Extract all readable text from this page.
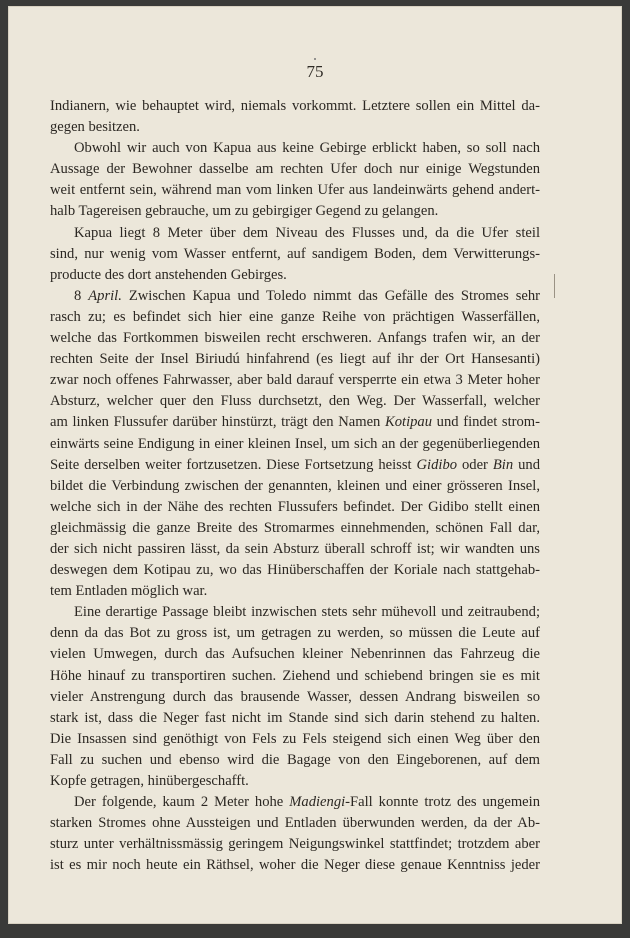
75
Indianern, wie behauptet wird, niemals vorkommt. Letztere sollen ein Mittel da-
gegen besitzen.
Obwohl wir auch von Kapua aus keine Gebirge erblickt haben, so soll nach
Aussage der Bewohner dasselbe am rechten Ufer doch nur einige Wegstunden
weit entfernt sein, während man vom linken Ufer aus landeinwärts gehend andert-
halb Tagereisen gebrauche, um zu gebirgiger Gegend zu gelangen.
Kapua liegt 8 Meter über dem Niveau des Flusses und, da die Ufer steil
sind, nur wenig vom Wasser entfernt, auf sandigem Boden, dem Verwitterungs-
producte des dort anstehenden Gebirges.
8 April. Zwischen Kapua und Toledo nimmt das Gefälle des Stromes sehr
rasch zu; es befindet sich hier eine ganze Reihe von prächtigen Wasserfällen,
welche das Fortkommen bisweilen recht erschweren. Anfangs trafen wir, an der
rechten Seite der Insel Biriudú hinfahrend (es liegt auf ihr der Ort Hansesanti)
zwar noch offenes Fahrwasser, aber bald darauf versperrte ein etwa 3 Meter hoher
Absturz, welcher quer den Fluss durchsetzt, den Weg. Der Wasserfall, welcher
am linken Flussufer darüber hinstürzt, trägt den Namen Kotipau und findet strom-
einwärts seine Endigung in einer kleinen Insel, um sich an der gegenüberliegenden
Seite derselben weiter fortzusetzen. Diese Fortsetzung heisst Gidibo oder Bin und
bildet die Verbindung zwischen der genannten, kleinen und einer grösseren Insel,
welche sich in der Nähe des rechten Flussufers befindet. Der Gidibo stellt einen
gleichmässig die ganze Breite des Stromarmes einnehmenden, schönen Fall dar,
der sich nicht passiren lässt, da sein Absturz überall schroff ist; wir wandten uns
deswegen dem Kotipau zu, wo das Hinüberschaffen der Koriale nach stattgehab-
tem Entladen möglich war.
Eine derartige Passage bleibt inzwischen stets sehr mühevoll und zeitraubend;
denn da das Bot zu gross ist, um getragen zu werden, so müssen die Leute auf
vielen Umwegen, durch das Aufsuchen kleiner Nebenrinnen das Fahrzeug die
Höhe hinauf zu transportiren suchen. Ziehend und schiebend bringen sie es mit
vieler Anstrengung durch das brausende Wasser, dessen Andrang bisweilen so
stark ist, dass die Neger fast nicht im Stande sind sich darin stehend zu halten.
Die Insassen sind genöthigt von Fels zu Fels steigend sich einen Weg über den
Fall zu suchen und ebenso wird die Bagage von den Eingeborenen, auf dem
Kopfe getragen, hinübergeschafft.
Der folgende, kaum 2 Meter hohe Madiengi-Fall konnte trotz des ungemein
starken Stromes ohne Aussteigen und Entladen überwunden werden, da der Ab-
sturz unter verhältnissmässig geringem Neigungswinkel stattfindet; trotzdem aber
ist es mir noch heute ein Räthsel, woher die Neger diese genaue Kenntniss jeder
